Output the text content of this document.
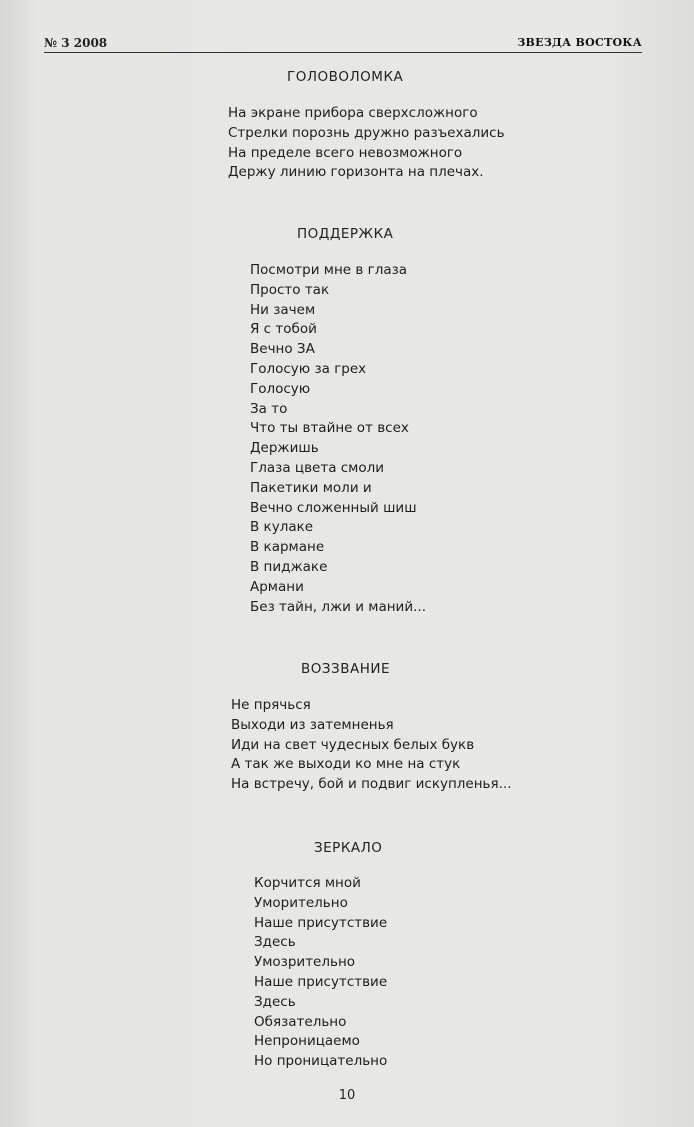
№ 3 2008	ЗВЕЗДА ВОСТОКА
ГОЛОВОЛОМКА
На экране прибора сверхсложного
Стрелки порознь дружно разъехались
На пределе всего невозможного
Держу линию горизонта на плечах.
ПОДДЕРЖКА
Посмотри мне в глаза
Просто так
Ни зачем
Я с тобой
Вечно ЗА
Голосую за грех
Голосую
За то
Что ты втайне от всех
Держишь
Глаза цвета смоли
Пакетики моли и
Вечно сложенный шиш
В кулаке
В кармане
В пиджаке
Армани
Без тайн, лжи и маний...
ВОЗЗВАНИЕ
Не прячься
Выходи из затемненья
Иди на свет чудесных белых букв
А так же выходи ко мне на стук
На встречу, бой и подвиг искупленья...
ЗЕРКАЛО
Корчится мной
Уморительно
Наше присутствие
Здесь
Умозрительно
Наше присутствие
Здесь
Обязательно
Непроницаемо
Но проницательно
10
